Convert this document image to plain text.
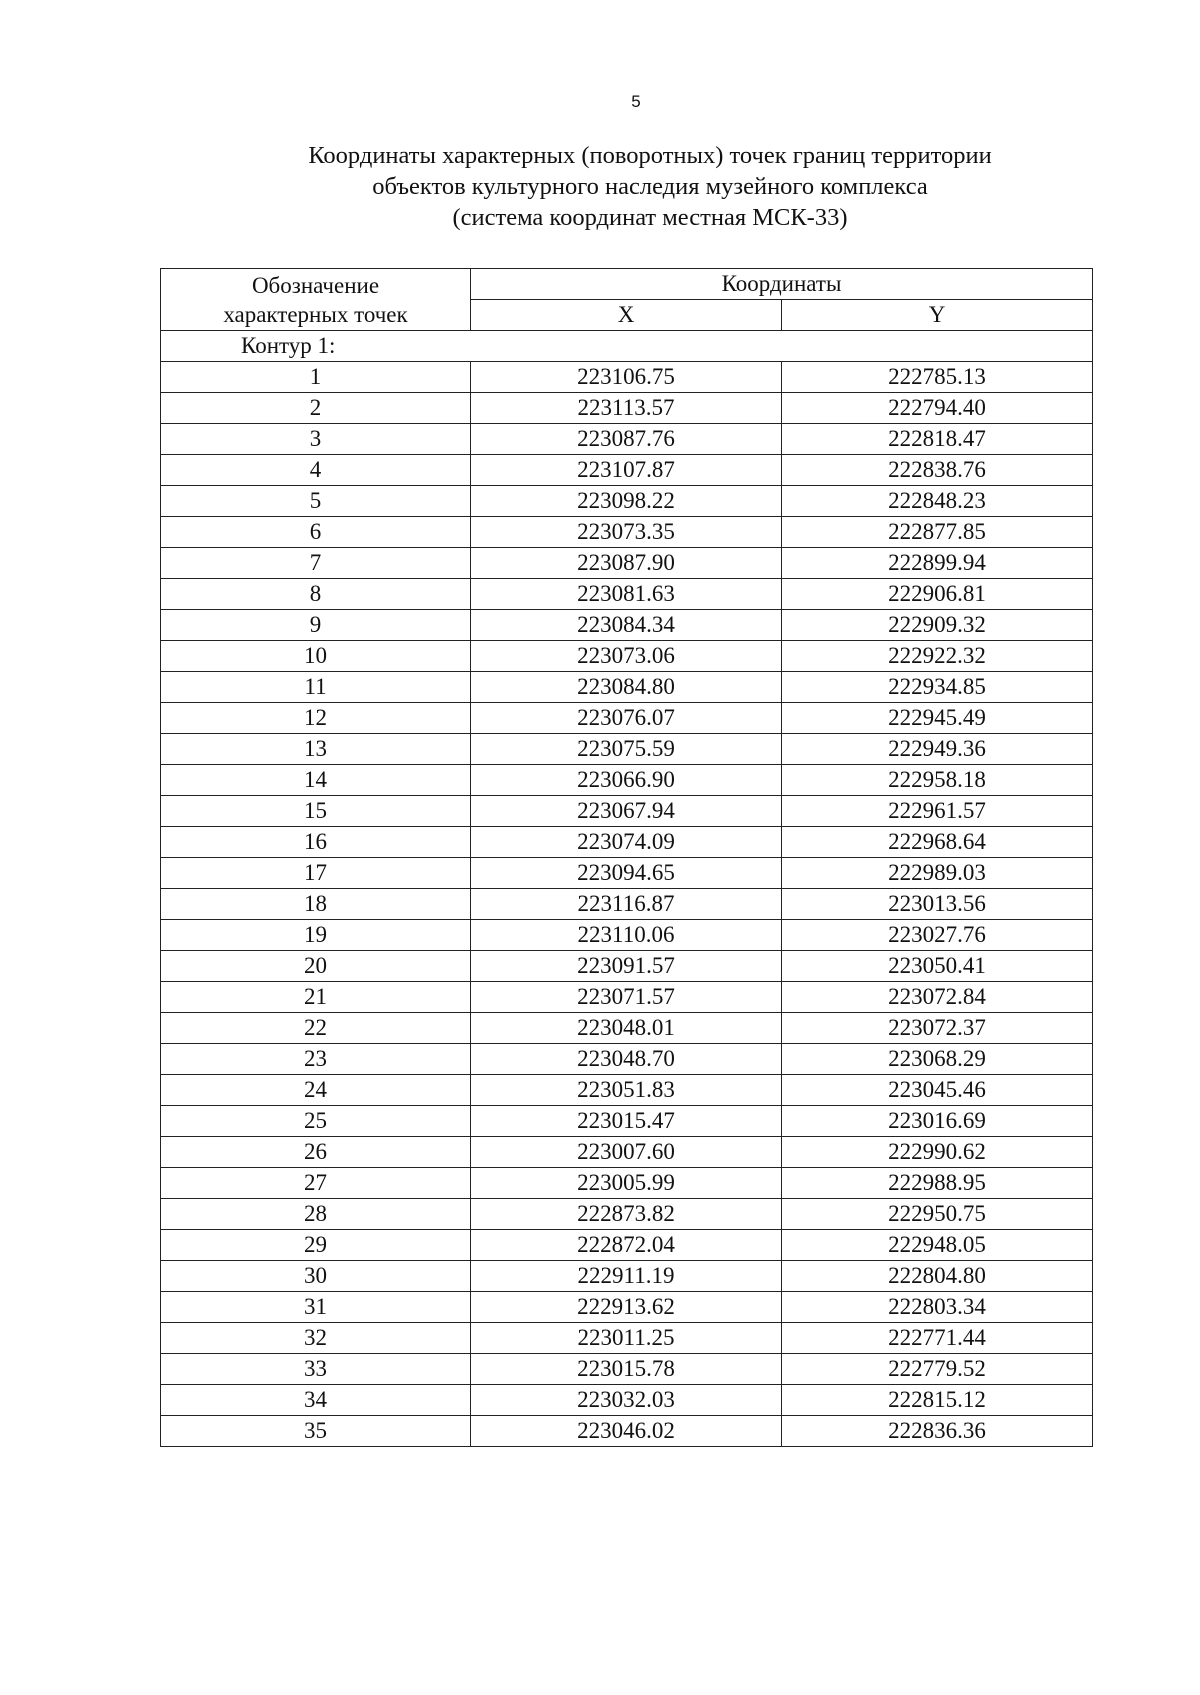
5
Координаты характерных (поворотных) точек границ территории
объектов культурного наследия музейного комплекса
(система координат местная МСК-33)
Обозначение
характерных точек	Координаты	
	X	Y
Контур 1:		
1	223106.75	222785.13
2	223113.57	222794.40
3	223087.76	222818.47
4	223107.87	222838.76
5	223098.22	222848.23
6	223073.35	222877.85
7	223087.90	222899.94
8	223081.63	222906.81
9	223084.34	222909.32
10	223073.06	222922.32
11	223084.80	222934.85
12	223076.07	222945.49
13	223075.59	222949.36
14	223066.90	222958.18
15	223067.94	222961.57
16	223074.09	222968.64
17	223094.65	222989.03
18	223116.87	223013.56
19	223110.06	223027.76
20	223091.57	223050.41
21	223071.57	223072.84
22	223048.01	223072.37
23	223048.70	223068.29
24	223051.83	223045.46
25	223015.47	223016.69
26	223007.60	222990.62
27	223005.99	222988.95
28	222873.82	222950.75
29	222872.04	222948.05
30	222911.19	222804.80
31	222913.62	222803.34
32	223011.25	222771.44
33	223015.78	222779.52
34	223032.03	222815.12
35	223046.02	222836.36
